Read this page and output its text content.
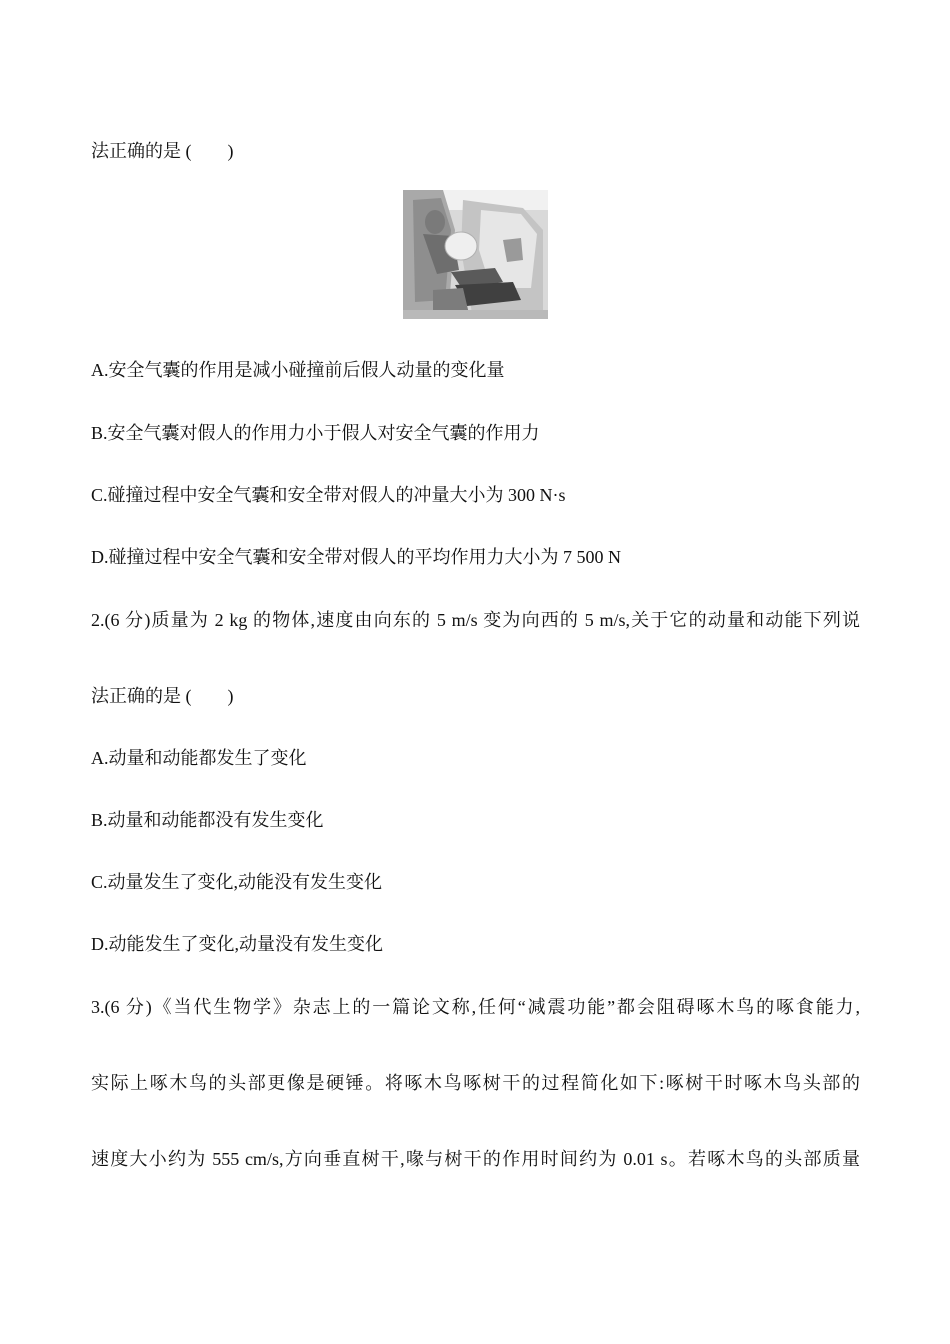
法正确的是 (  )
A.安全气囊的作用是减小碰撞前后假人动量的变化量
B.安全气囊对假人的作用力小于假人对安全气囊的作用力
C.碰撞过程中安全气囊和安全带对假人的冲量大小为 300 N·s
D.碰撞过程中安全气囊和安全带对假人的平均作用力大小为 7 500 N
2.(6 分)质量为 2 kg 的物体,速度由向东的 5 m/s 变为向西的 5 m/s,关于它的动量和动能下列说
法正确的是 (  )
A.动量和动能都发生了变化
B.动量和动能都没有发生变化
C.动量发生了变化,动能没有发生变化
D.动能发生了变化,动量没有发生变化
3.(6 分)《当代生物学》杂志上的一篇论文称,任何“减震功能”都会阻碍啄木鸟的啄食能力,
实际上啄木鸟的头部更像是硬锤。将啄木鸟啄树干的过程简化如下:啄树干时啄木鸟头部的
速度大小约为 555 cm/s,方向垂直树干,喙与树干的作用时间约为 0.01 s。若啄木鸟的头部质量
